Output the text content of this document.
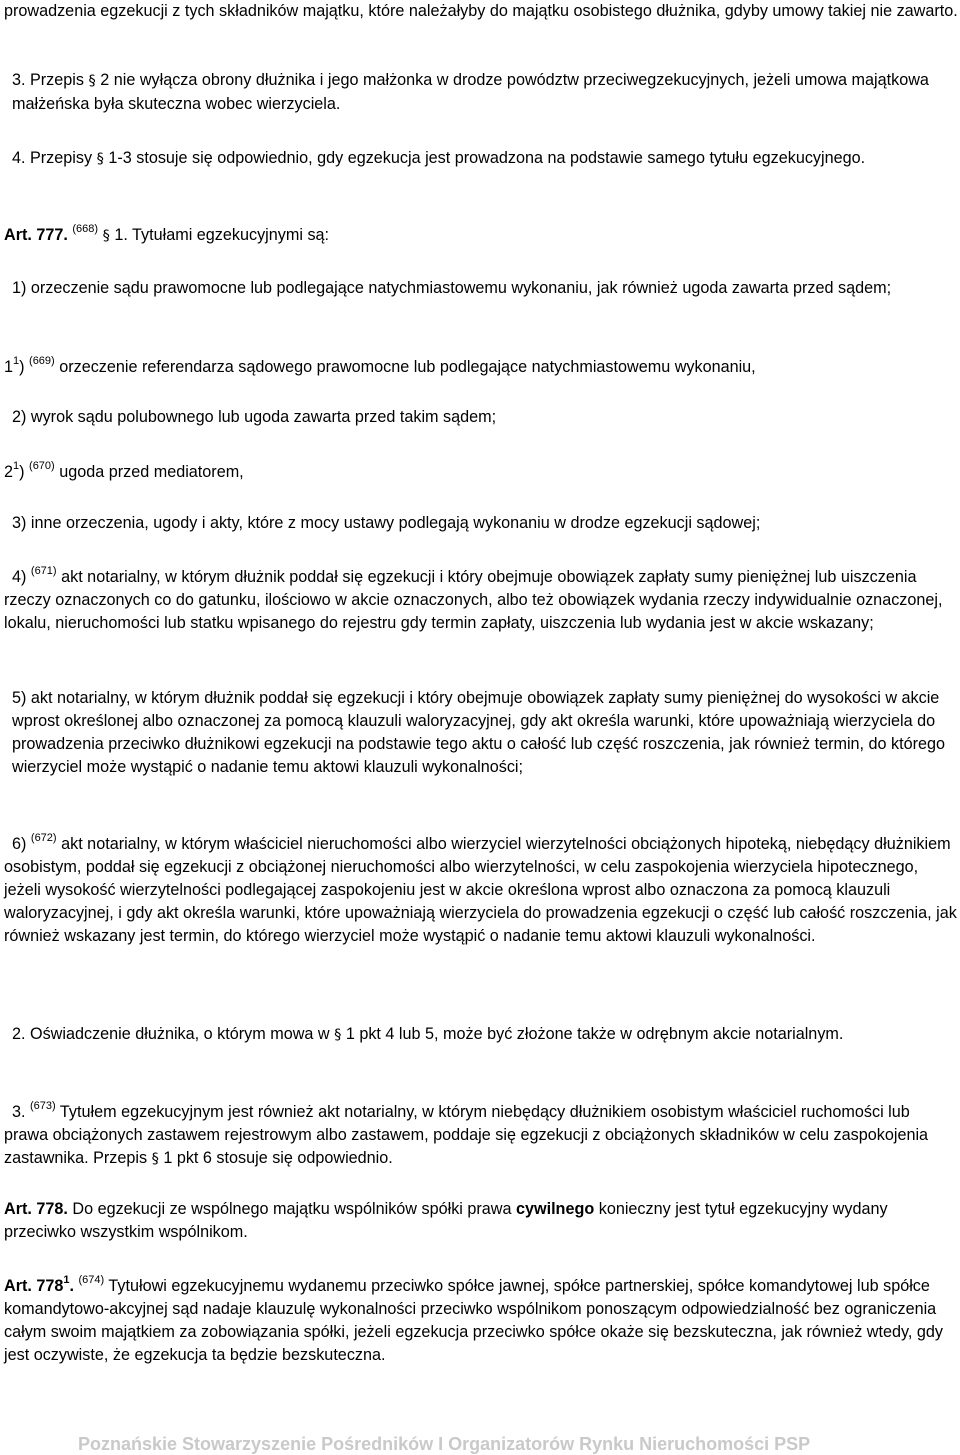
prowadzenia egzekucji z tych składników majątku, które należałyby do majątku osobistego dłużnika, gdyby umowy takiej nie zawarto.

3. Przepis § 2 nie wyłącza obrony dłużnika i jego małżonka w drodze powództw przeciwegzekucyjnych, jeżeli umowa majątkowa małżeńska była skuteczna wobec wierzyciela.

4. Przepisy § 1-3 stosuje się odpowiednio, gdy egzekucja jest prowadzona na podstawie samego tytułu egzekucyjnego.

Art. 777. $^{(668)}$ § 1. Tytułami egzekucyjnymi są:

1) orzeczenie sądu prawomocne lub podlegające natychmiastowemu wykonaniu, jak również ugoda zawarta przed sądem;

$1^1$) $^{(669)}$ orzeczenie referendarza sądowego prawomocne lub podlegające natychmiastowemu wykonaniu,

2) wyrok sądu polubownego lub ugoda zawarta przed takim sądem;

$2^1$) $^{(670)}$ ugoda przed mediatorem,

3) inne orzeczenia, ugody i akty, które z mocy ustawy podlegają wykonaniu w drodze egzekucji sądowej;

4) $^{(671)}$ akt notarialny, w którym dłużnik poddał się egzekucji i który obejmuje obowiązek zapłaty sumy pieniężnej lub uiszczenia rzeczy oznaczonych co do gatunku, ilościowo w akcie oznaczonych, albo też obowiązek wydania rzeczy indywidualnie oznaczonej, lokalu, nieruchomości lub statku wpisanego do rejestru gdy termin zapłaty, uiszczenia lub wydania jest w akcie wskazany;

5) akt notarialny, w którym dłużnik poddał się egzekucji i który obejmuje obowiązek zapłaty sumy pieniężnej do wysokości w akcie wprost określonej albo oznaczonej za pomocą klauzuli waloryzacyjnej, gdy akt określa warunki, które upoważniają wierzyciela do prowadzenia przeciwko dłużnikowi egzekucji na podstawie tego aktu o całość lub część roszczenia, jak również termin, do którego wierzyciel może wystąpić o nadanie temu aktowi klauzuli wykonalności;

6) $^{(672)}$ akt notarialny, w którym właściciel nieruchomości albo wierzyciel wierzytelności obciążonych hipoteką, niebędący dłużnikiem osobistym, poddał się egzekucji z obciążonej nieruchomości albo wierzytelności, w celu zaspokojenia wierzyciela hipotecznego, jeżeli wysokość wierzytelności podlegającej zaspokojeniu jest w akcie określona wprost albo oznaczona za pomocą klauzuli waloryzacyjnej, i gdy akt określa warunki, które upoważniają wierzyciela do prowadzenia egzekucji o część lub całość roszczenia, jak również wskazany jest termin, do którego wierzyciel może wystąpić o nadanie temu aktowi klauzuli wykonalności.

2. Oświadczenie dłużnika, o którym mowa w § 1 pkt 4 lub 5, może być złożone także w odrębnym akcie notarialnym.

3. $^{(673)}$ Tytułem egzekucyjnym jest również akt notarialny, w którym niebędący dłużnikiem osobistym właściciel ruchomości lub prawa obciążonych zastawem rejestrowym albo zastawem, poddaje się egzekucji z obciążonych składników w celu zaspokojenia zastawnika. Przepis § 1 pkt 6 stosuje się odpowiednio.

Art. 778. Do egzekucji ze wspólnego majątku wspólników spółki prawa cywilnego konieczny jest tytuł egzekucyjny wydany przeciwko wszystkim wspólnikom.

Art. $778^1$. $^{(674)}$ Tytułowi egzekucyjnemu wydanemu przeciwko spółce jawnej, spółce partnerskiej, spółce komandytowej lub spółce komandytowo-akcyjnej sąd nadaje klauzulę wykonalności przeciwko wspólnikom ponoszącym odpowiedzialność bez ograniczenia całym swoim majątkiem za zobowiązania spółki, jeżeli egzekucja przeciwko spółce okaże się bezskuteczna, jak również wtedy, gdy jest oczywiste, że egzekucja ta będzie bezskuteczna.

Poznańskie Stowarzyszenie Pośredników I Organizatorów Rynku Nieruchomości PSP
